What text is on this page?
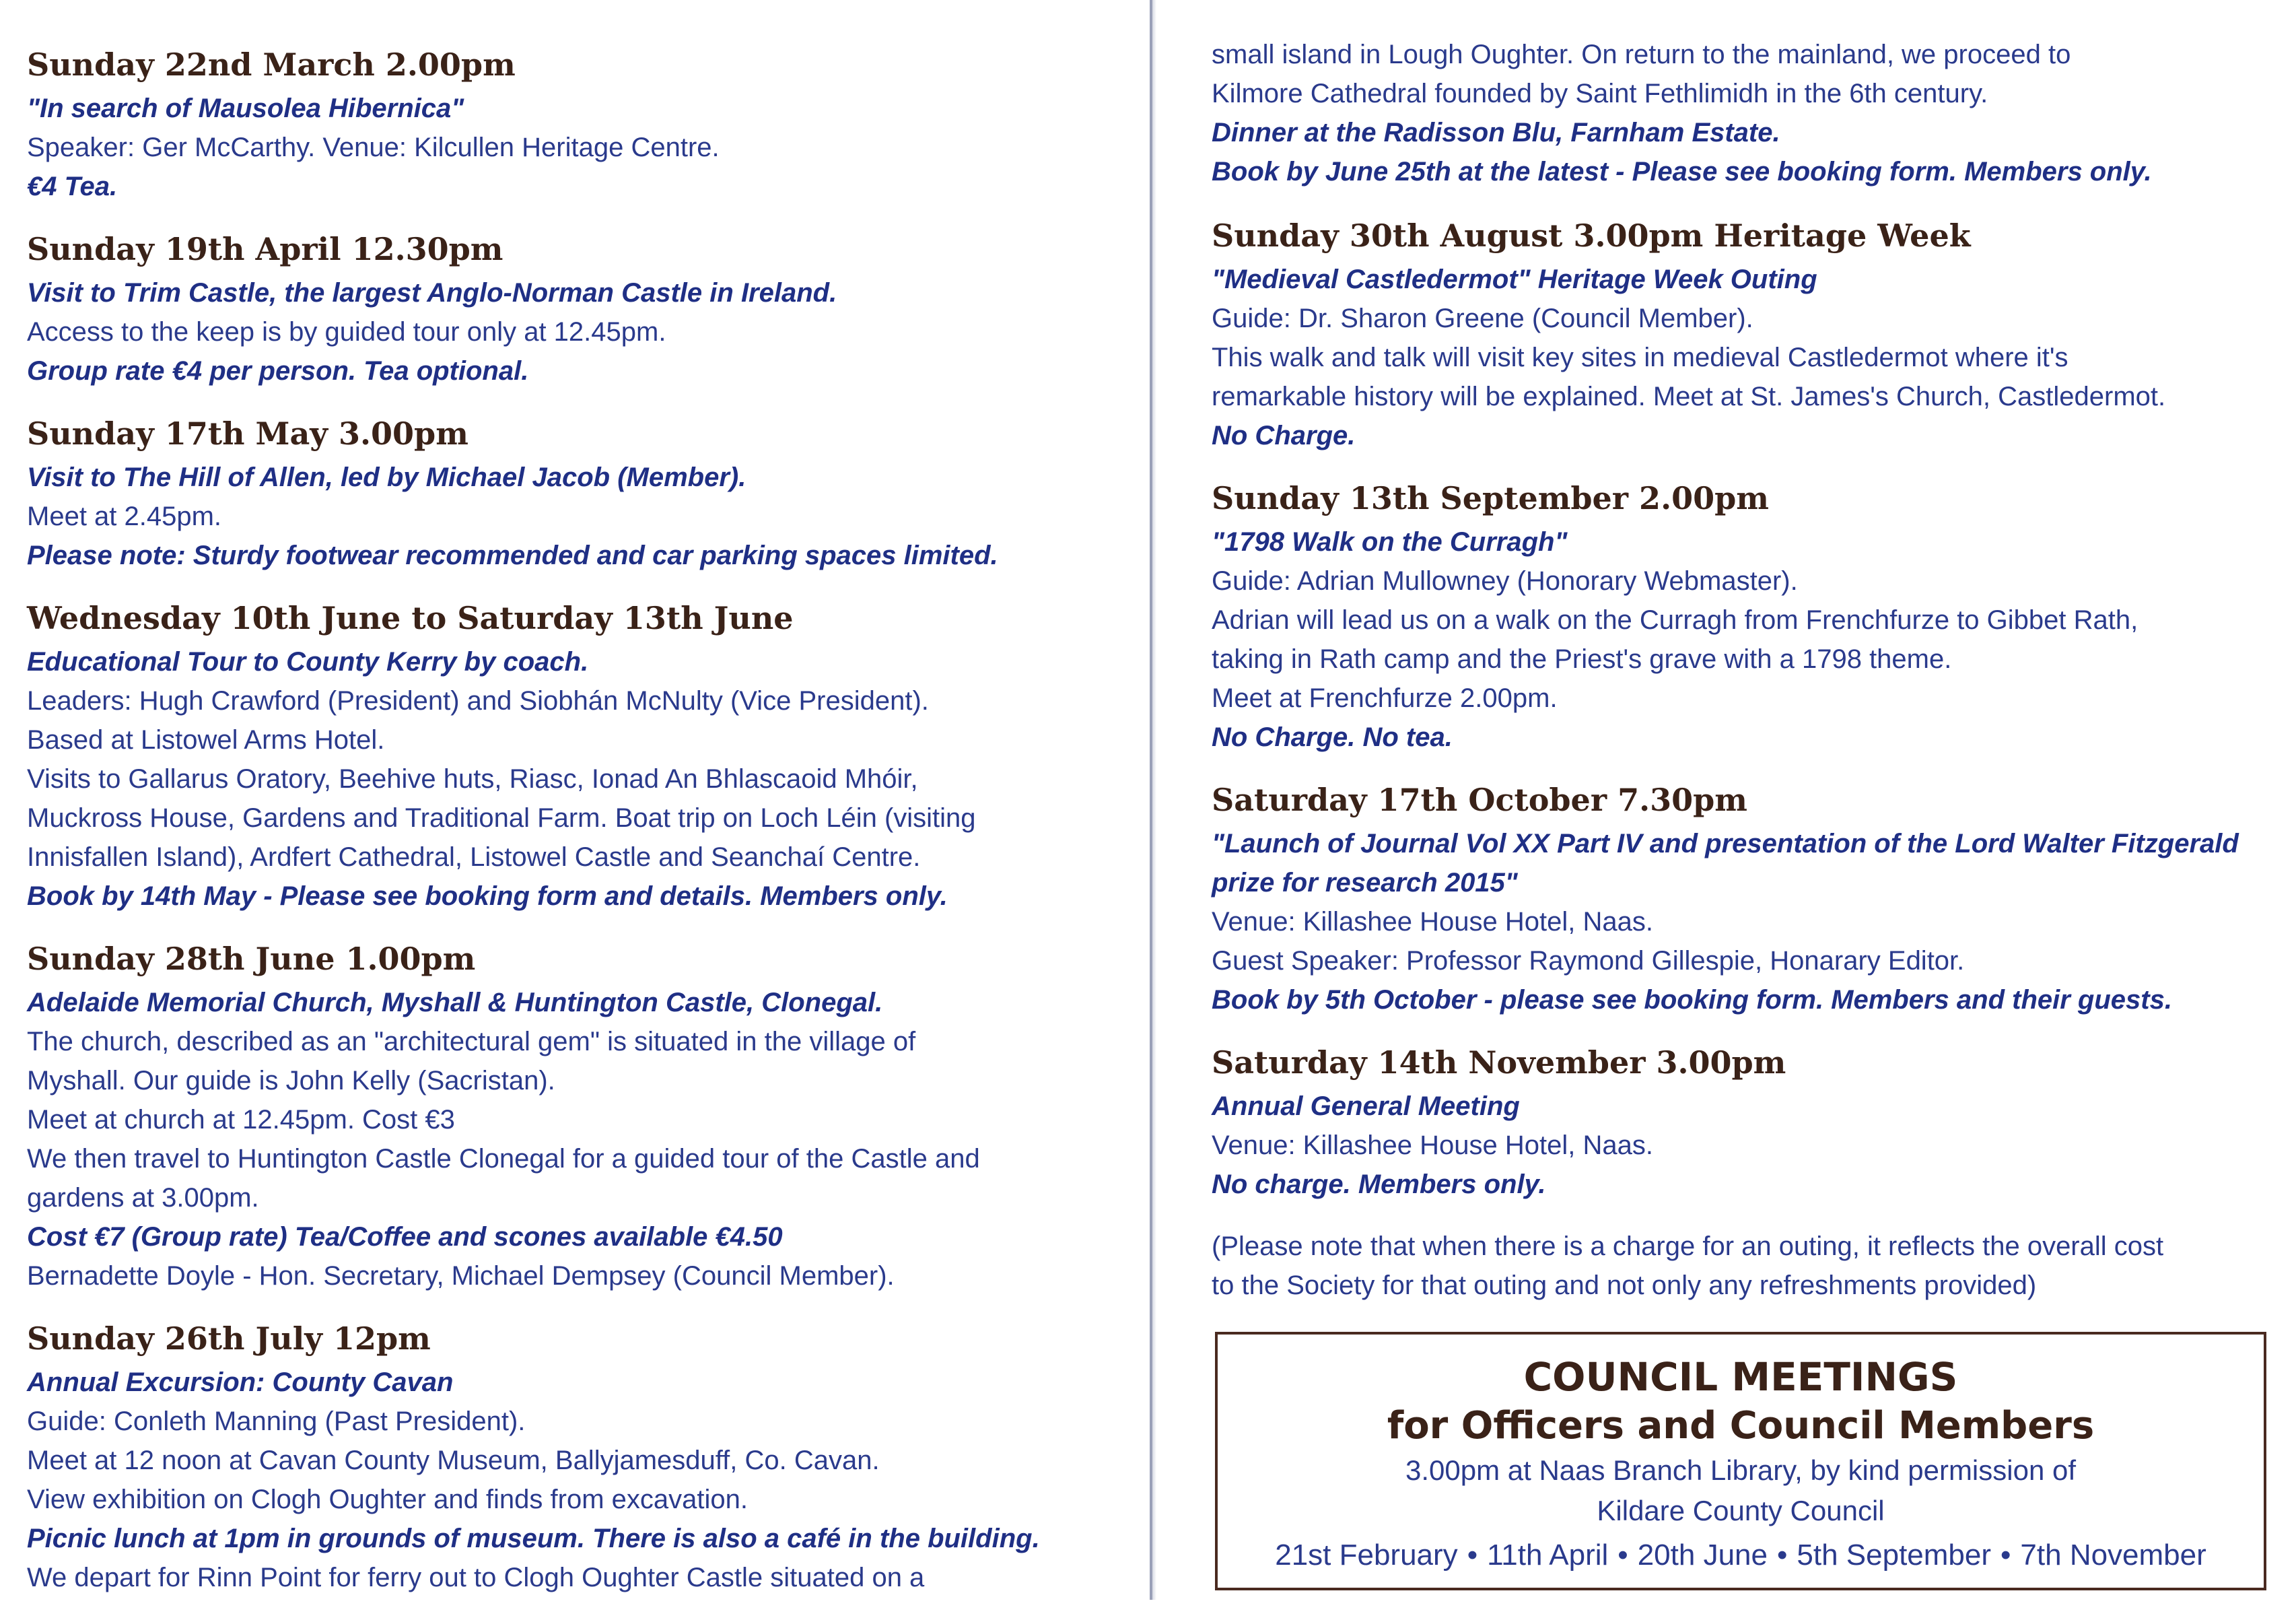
Sunday 22nd March 2.00pm
"In search of Mausolea Hibernica"
Speaker: Ger McCarthy. Venue: Kilcullen Heritage Centre.
€4 Tea.
Sunday 19th April 12.30pm
Visit to Trim Castle, the largest Anglo-Norman Castle in Ireland.
Access to the keep is by guided tour only at 12.45pm.
Group rate €4 per person. Tea optional.
Sunday 17th May 3.00pm
Visit to The Hill of Allen, led by Michael Jacob (Member).
Meet at 2.45pm.
Please note: Sturdy footwear recommended and car parking spaces limited.
Wednesday 10th June to Saturday 13th June
Educational Tour to County Kerry by coach.
Leaders: Hugh Crawford (President) and Siobhán McNulty (Vice President).
Based at Listowel Arms Hotel.
Visits to Gallarus Oratory, Beehive huts, Riasc, Ionad An Bhlascaoid Mhóir,
Muckross House, Gardens and Traditional Farm. Boat trip on Loch Léin (visiting
Innisfallen Island), Ardfert Cathedral, Listowel Castle and Seanchaí Centre.
Book by 14th May - Please see booking form and details. Members only.
Sunday 28th June 1.00pm
Adelaide Memorial Church, Myshall & Huntington Castle, Clonegal.
The church, described as an "architectural gem" is situated in the village of
Myshall. Our guide is John Kelly (Sacristan).
Meet at church at 12.45pm. Cost €3
We then travel to Huntington Castle Clonegal for a guided tour of the Castle and
gardens at 3.00pm.
Cost €7 (Group rate) Tea/Coffee and scones available €4.50
Bernadette Doyle - Hon. Secretary, Michael Dempsey (Council Member).
Sunday 26th July 12pm
Annual Excursion: County Cavan
Guide: Conleth Manning (Past President).
Meet at 12 noon at Cavan County Museum, Ballyjamesduff, Co. Cavan.
View exhibition on Clogh Oughter and finds from excavation.
Picnic lunch at 1pm in grounds of museum. There is also a café in the building.
We depart for Rinn Point for ferry out to Clogh Oughter Castle situated on a
small island in Lough Oughter. On return to the mainland, we proceed to
Kilmore Cathedral founded by Saint Fethlimidh in the 6th century.
Dinner at the Radisson Blu, Farnham Estate.
Book by June 25th at the latest - Please see booking form. Members only.
Sunday 30th August 3.00pm Heritage Week
"Medieval Castledermot" Heritage Week Outing
Guide: Dr. Sharon Greene (Council Member).
This walk and talk will visit key sites in medieval Castledermot where it's
remarkable history will be explained. Meet at St. James's Church, Castledermot.
No Charge.
Sunday 13th September 2.00pm
"1798 Walk on the Curragh"
Guide: Adrian Mullowney (Honorary Webmaster).
Adrian will lead us on a walk on the Curragh from Frenchfurze to Gibbet Rath,
taking in Rath camp and the Priest's grave with a 1798 theme.
Meet at Frenchfurze 2.00pm.
No Charge. No tea.
Saturday 17th October 7.30pm
"Launch of Journal Vol XX Part IV and presentation of the Lord Walter Fitzgerald
prize for research 2015"
Venue: Killashee House Hotel, Naas.
Guest Speaker: Professor Raymond Gillespie, Honarary Editor.
Book by 5th October - please see booking form. Members and their guests.
Saturday 14th November 3.00pm
Annual General Meeting
Venue: Killashee House Hotel, Naas.
No charge. Members only.
(Please note that when there is a charge for an outing, it reflects the overall cost
to the Society for that outing and not only any refreshments provided)
COUNCIL MEETINGS
for Officers and Council Members
3.00pm at Naas Branch Library, by kind permission of
Kildare County Council
21st February • 11th April • 20th June • 5th September • 7th November
